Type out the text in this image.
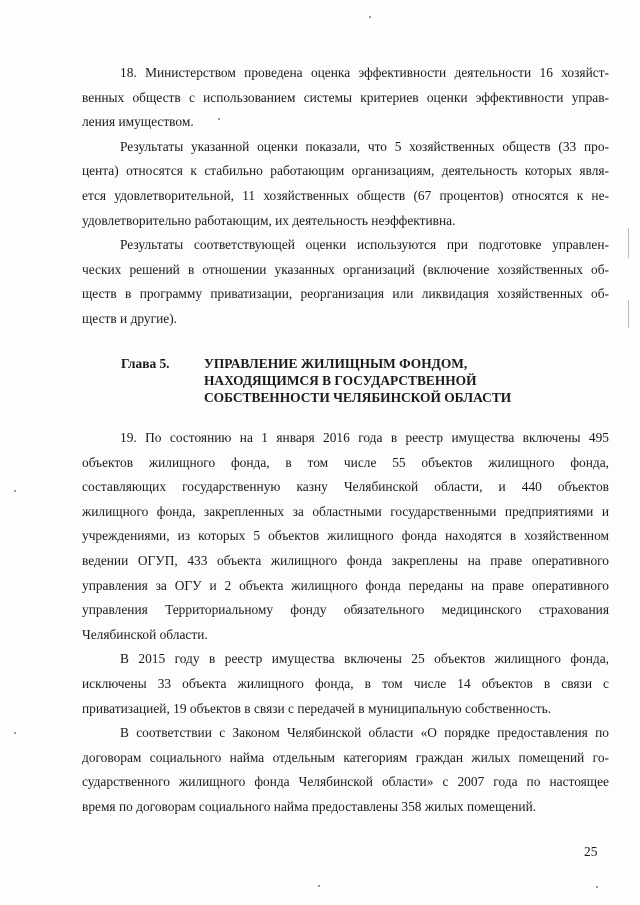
18. Министерством проведена оценка эффективности деятельности 16 хозяйст-
венных обществ с использованием системы критериев оценки эффективности управ-
ления имуществом.
Результаты указанной оценки показали, что 5 хозяйственных обществ (33 про-
цента) относятся к стабильно работающим организациям, деятельность которых явля-
ется удовлетворительной, 11 хозяйственных обществ (67 процентов) относятся к не-
удовлетворительно работающим, их деятельность неэффективна.
Результаты соответствующей оценки используются при подготовке управлен-
ческих решений в отношении указанных организаций (включение хозяйственных об-
ществ в программу приватизации, реорганизация или ликвидация хозяйственных об-
ществ и другие).
Глава 5.	УПРАВЛЕНИЕ ЖИЛИЩНЫМ ФОНДОМ,
НАХОДЯЩИМСЯ В ГОСУДАРСТВЕННОЙ
СОБСТВЕННОСТИ ЧЕЛЯБИНСКОЙ ОБЛАСТИ
19. По состоянию на 1 января 2016 года в реестр имущества включены 495
объектов жилищного фонда, в том числе 55 объектов жилищного фонда,
составляющих государственную казну Челябинской области, и 440 объектов
жилищного фонда, закрепленных за областными государственными предприятиями и
учреждениями, из которых 5 объектов жилищного фонда находятся в хозяйственном
ведении ОГУП, 433 объекта жилищного фонда закреплены на праве оперативного
управления за ОГУ и 2 объекта жилищного фонда переданы на праве оперативного
управления Территориальному фонду обязательного медицинского страхования
Челябинской области.
В 2015 году в реестр имущества включены 25 объектов жилищного фонда,
исключены 33 объекта жилищного фонда, в том числе 14 объектов в связи с
приватизацией, 19 объектов в связи с передачей в муниципальную собственность.
В соответствии с Законом Челябинской области «О порядке предоставления по
договорам социального найма отдельным категориям граждан жилых помещений го-
сударственного жилищного фонда Челябинской области» с 2007 года по настоящее
время по договорам социального найма предоставлены 358 жилых помещений.
25
